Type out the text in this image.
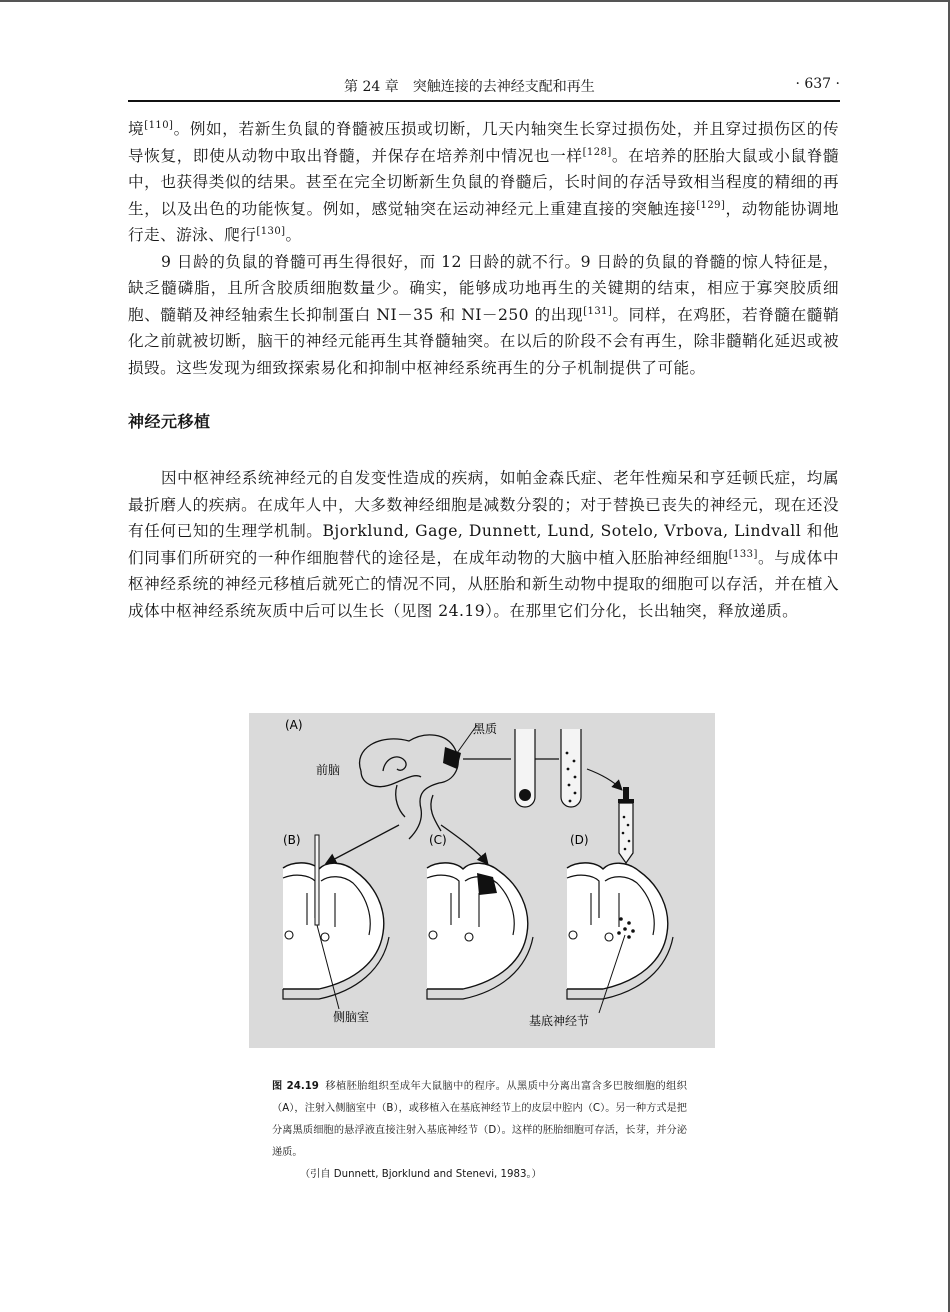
第 24 章　突触连接的去神经支配和再生	· 637 ·

境[110]。例如，若新生负鼠的脊髓被压损或切断，几天内轴突生长穿过损伤处，并且穿过损伤区的传导恢复，即使从动物中取出脊髓，并保存在培养剂中情况也一样[128]。在培养的胚胎大鼠或小鼠脊髓中，也获得类似的结果。甚至在完全切断新生负鼠的脊髓后，长时间的存活导致相当程度的精细的再生，以及出色的功能恢复。例如，感觉轴突在运动神经元上重建直接的突触连接[129]，动物能协调地行走、游泳、爬行[130]。

9 日龄的负鼠的脊髓可再生得很好，而 12 日龄的就不行。9 日龄的负鼠的脊髓的惊人特征是，缺乏髓磷脂，且所含胶质细胞数量少。确实，能够成功地再生的关键期的结束，相应于寡突胶质细胞、髓鞘及神经轴索生长抑制蛋白 NI－35 和 NI－250 的出现[131]。同样，在鸡胚，若脊髓在髓鞘化之前就被切断，脑干的神经元能再生其脊髓轴突。在以后的阶段不会有再生，除非髓鞘化延迟或被损毁。这些发现为细致探索易化和抑制中枢神经系统再生的分子机制提供了可能。

神经元移植

因中枢神经系统神经元的自发变性造成的疾病，如帕金森氏症、老年性痴呆和亨廷顿氏症，均属最折磨人的疾病。在成年人中，大多数神经细胞是减数分裂的；对于替换已丧失的神经元，现在还没有任何已知的生理学机制。Bjorklund, Gage, Dunnett, Lund, Sotelo, Vrbova, Lindvall 和他们同事们所研究的一种作细胞替代的途径是，在成年动物的大脑中植入胚胎神经细胞[133]。与成体中枢神经系统的神经元移植后就死亡的情况不同，从胚胎和新生动物中提取的细胞可以存活，并在植入成体中枢神经系统灰质中后可以生长（见图 24.19）。在那里它们分化，长出轴突，释放递质。

(A)
(B)	(C)	(D)
黑质
前脑
侧脑室	基底神经节
图 24.19 移植胚胎组织至成年大鼠脑中的程序。从黑质中分离出富含多巴胺细胞的组织（A），注射入侧脑室中（B），或移植入在基底神经节上的皮层中腔内（C）。另一种方式是把分离黑质细胞的悬浮液直接注射入基底神经节（D）。这样的胚胎细胞可存活，长芽，并分泌递质。
（引自 Dunnett, Bjorklund and Stenevi, 1983。）
